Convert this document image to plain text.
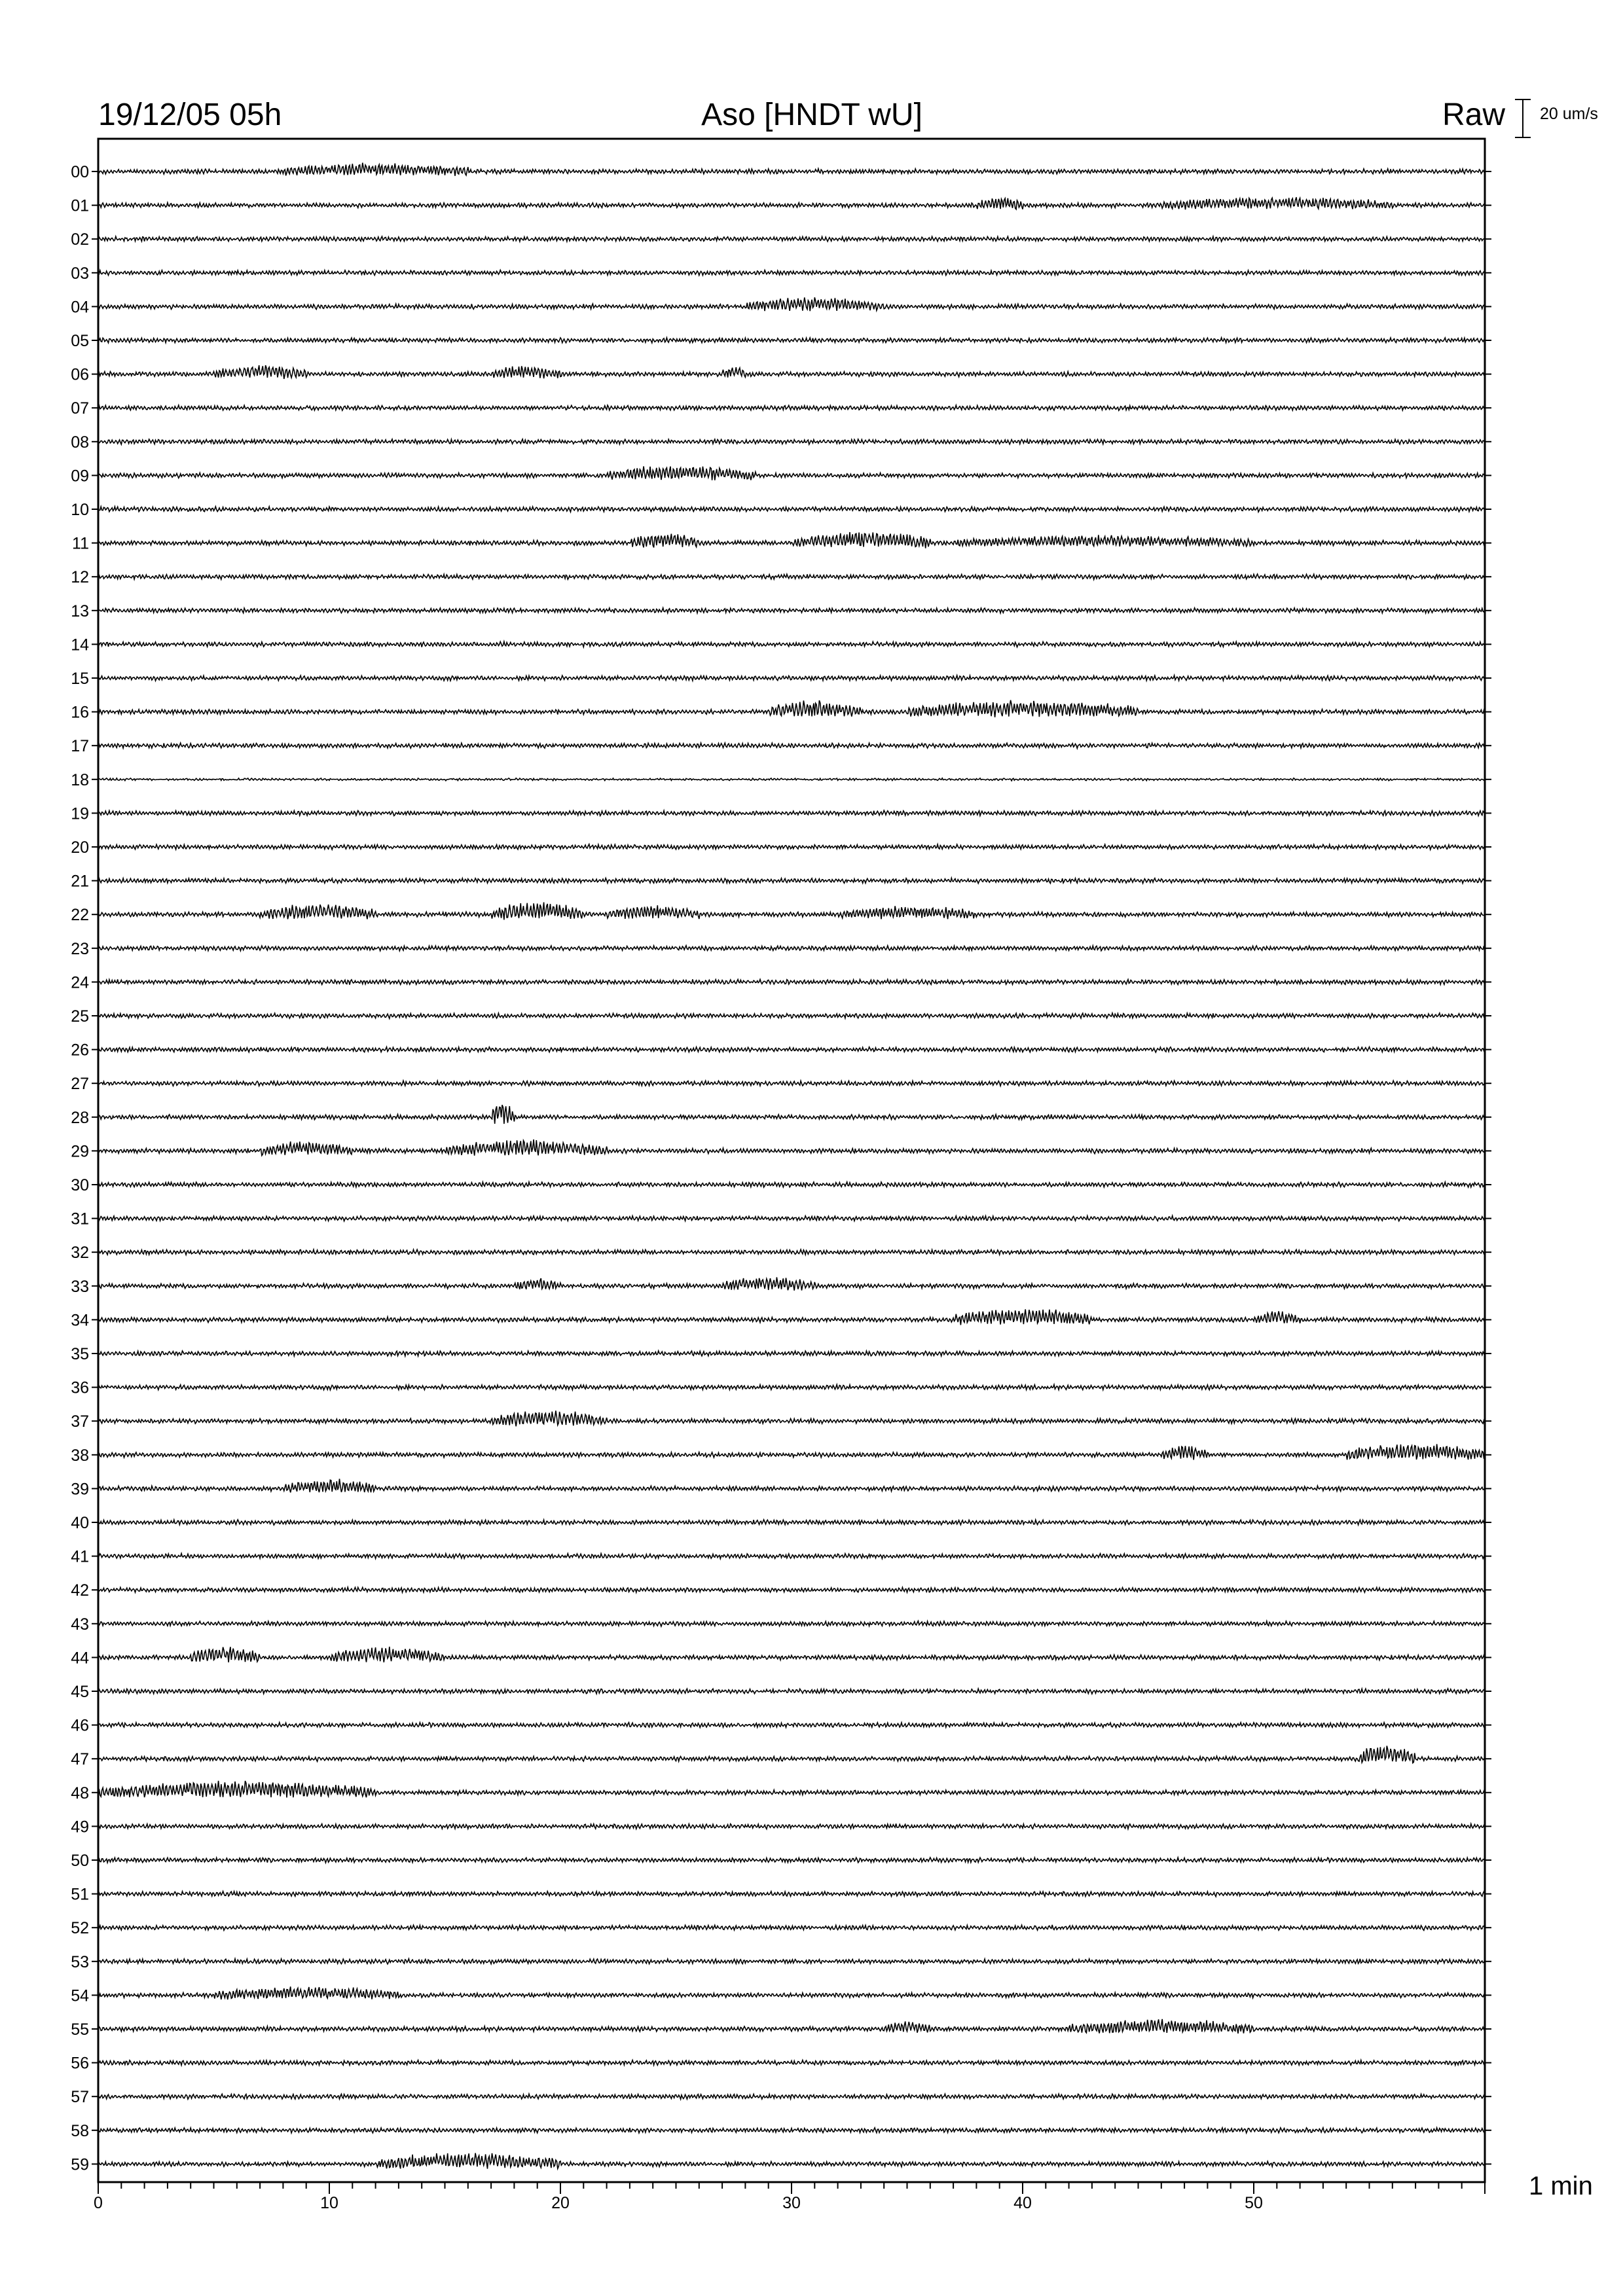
00
01
02
03
04
05
06
07
08
09
10
11
12
13
14
15
16
17
18
19
20
21
22
23
24
25
26
27
28
29
30
31
32
33
34
35
36
37
38
39
40
41
42
43
44
45
46
47
48
49
50
51
52
53
54
55
56
57
58
59
0	10	20	30	40	50
19/12/05 05h	Aso [HNDT wU]	Raw 20 um/s
1 min
